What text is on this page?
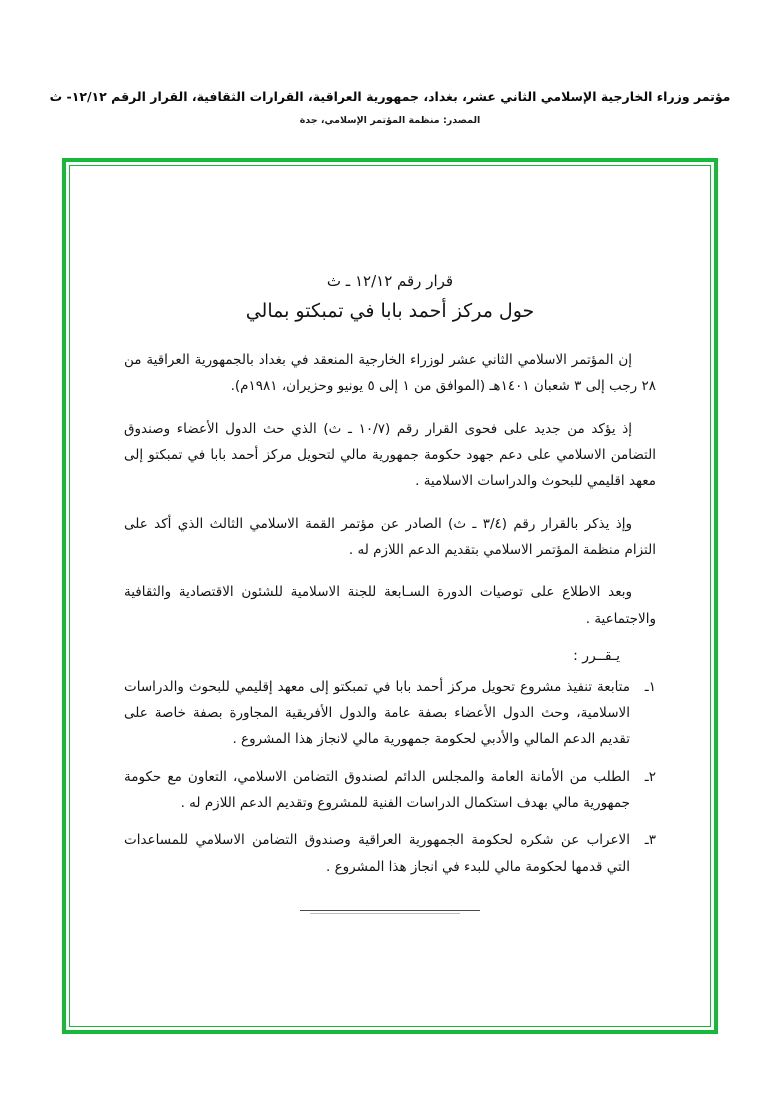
مؤتمر وزراء الخارجية الإسلامي الثاني عشر، بغداد، جمهورية العراقية، القرارات الثقافية، القرار الرقم ١٢/١٢- ث
المصدر: منظمة المؤتمر الإسلامي، جدة
قرار رقم ١٢/١٢ ـ ث
حول مركز أحمد بابا في تمبكتو بمالي

إن المؤتمر الاسلامي الثاني عشر لوزراء الخارجية المنعقد في بغداد بالجمهورية العراقية من ٢٨ رجب إلى ٣ شعبان ١٤٠١هـ (الموافق من ١ إلى ٥ يونيو وحزيران، ١٩٨١م).

إذ يؤكد من جديد على فحوى القرار رقم (١٠/٧ ـ ث) الذي حث الدول الأعضاء وصندوق التضامن الاسلامي على دعم جهود حكومة جمهورية مالي لتحويل مركز أحمد بابا في تمبكتو إلى معهد اقليمي للبحوث والدراسات الاسلامية .

وإذ يذكر بالقرار رقم (٣/٤ ـ ث) الصادر عن مؤتمر القمة الاسلامي الثالث الذي أكد على التزام منظمة المؤتمر الاسلامي بتقديم الدعم اللازم له .

وبعد الاطلاع على توصيات الدورة السـابعة للجنة الاسلامية للشئون الاقتصادية والثقافية والاجتماعية .

يـقــرر :
١ـ
متابعة تنفيذ مشروع تحويل مركز أحمد بابا في تمبكتو إلى معهد إقليمي للبحوث والدراسات الاسلامية، وحث الدول الأعضاء بصفة عامة والدول الأفريقية المجاورة بصفة خاصة على تقديم الدعم المالي والأدبي لحكومة جمهورية مالي لانجاز هذا المشروع .
٢ـ
الطلب من الأمانة العامة والمجلس الدائم لصندوق التضامن الاسلامي، التعاون مع حكومة جمهورية مالي بهدف استكمال الدراسات الفنية للمشروع وتقديم الدعم اللازم له .
٣ـ
الاعراب عن شكره لحكومة الجمهورية العراقية وصندوق التضامن الاسلامي للمساعدات التي قدمها لحكومة مالي للبدء في انجاز هذا المشروع .
